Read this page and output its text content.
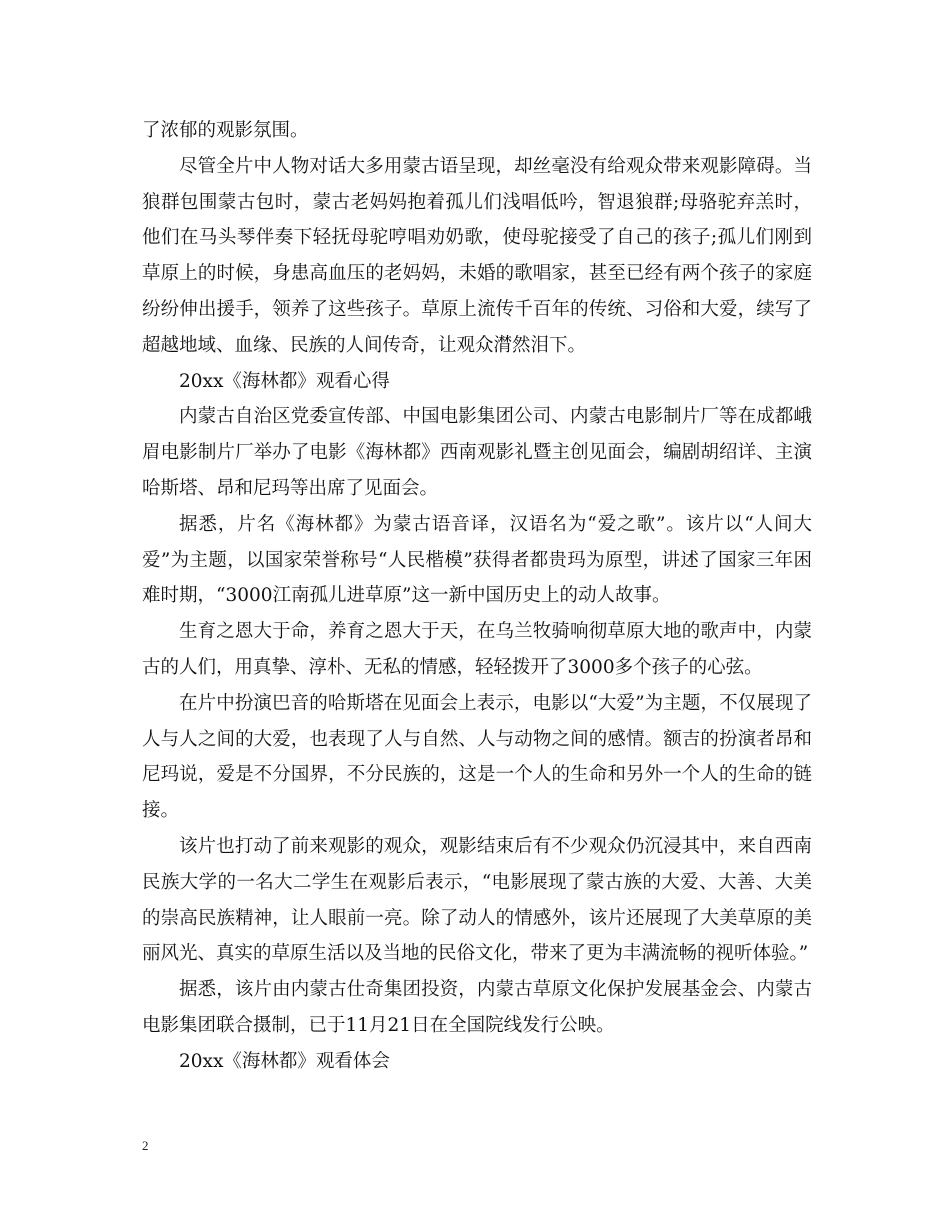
了浓郁的观影氛围。

尽管全片中人物对话大多用蒙古语呈现，却丝毫没有给观众带来观影障碍。当狼群包围蒙古包时，蒙古老妈妈抱着孤儿们浅唱低吟，智退狼群;母骆驼弃羔时，他们在马头琴伴奏下轻抚母驼哼唱劝奶歌，使母驼接受了自己的孩子;孤儿们刚到草原上的时候，身患高血压的老妈妈，未婚的歌唱家，甚至已经有两个孩子的家庭纷纷伸出援手，领养了这些孩子。草原上流传千百年的传统、习俗和大爱，续写了超越地域、血缘、民族的人间传奇，让观众潸然泪下。

20xx《海林都》观看心得

内蒙古自治区党委宣传部、中国电影集团公司、内蒙古电影制片厂等在成都峨眉电影制片厂举办了电影《海林都》西南观影礼暨主创见面会，编剧胡绍详、主演哈斯塔、昂和尼玛等出席了见面会。

据悉，片名《海林都》为蒙古语音译，汉语名为“爱之歌”。该片以“人间大爱”为主题，以国家荣誉称号“人民楷模”获得者都贵玛为原型，讲述了国家三年困难时期，“3000江南孤儿进草原”这一新中国历史上的动人故事。

生育之恩大于命，养育之恩大于天，在乌兰牧骑响彻草原大地的歌声中，内蒙古的人们，用真挚、淳朴、无私的情感，轻轻拨开了3000多个孩子的心弦。

在片中扮演巴音的哈斯塔在见面会上表示，电影以“大爱”为主题，不仅展现了人与人之间的大爱，也表现了人与自然、人与动物之间的感情。额吉的扮演者昂和尼玛说，爱是不分国界，不分民族的，这是一个人的生命和另外一个人的生命的链接。

该片也打动了前来观影的观众，观影结束后有不少观众仍沉浸其中，来自西南民族大学的一名大二学生在观影后表示，“电影展现了蒙古族的大爱、大善、大美的崇高民族精神，让人眼前一亮。除了动人的情感外，该片还展现了大美草原的美丽风光、真实的草原生活以及当地的民俗文化，带来了更为丰满流畅的视听体验。”

据悉，该片由内蒙古仕奇集团投资，内蒙古草原文化保护发展基金会、内蒙古电影集团联合摄制，已于11月21日在全国院线发行公映。

20xx《海林都》观看体会

2
